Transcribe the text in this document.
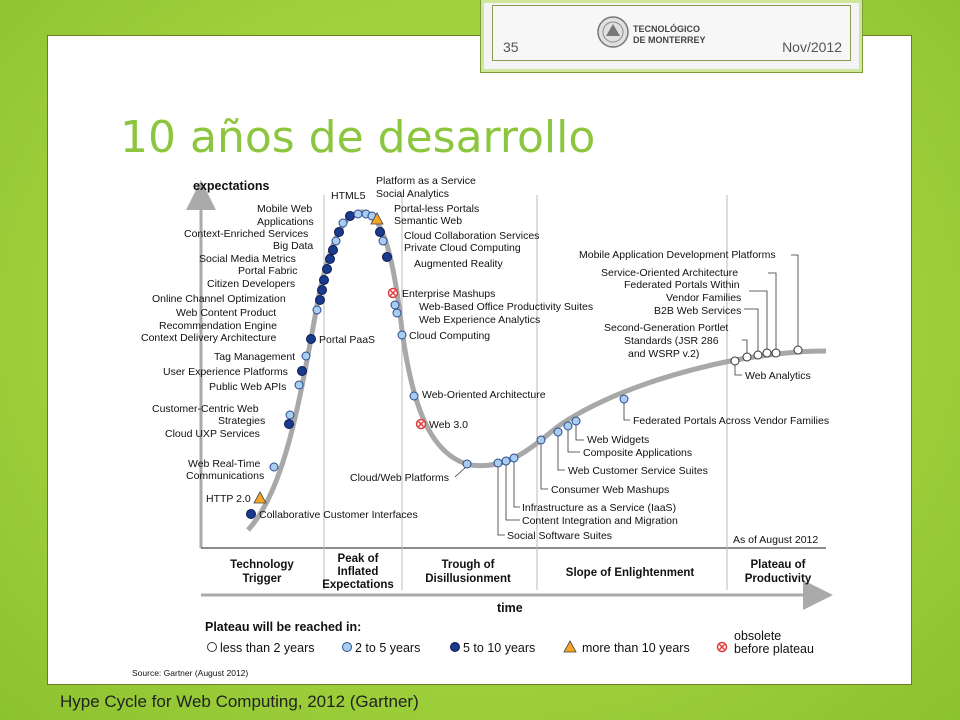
35
TECNOLÓGICO
DE MONTERREY	Nov/2012
10 años de desarrollo
expectations
time
As of August 2012
Technology Trigger
Peak of Inflated Expectations
Trough of Disillusionment	Slope of Enlightenment
Plateau of Productivity
Collaborative Customer Interfaces
HTTP 2.0
Web Real-Time
Communications
Customer-Centric Web
Strategies
Cloud UXP Services
Public Web APIs
User Experience Platforms
Tag Management
Portal PaaS
Context Delivery Architecture
Recommendation Engine
Web Content Product
Online Channel Optimization
Citizen Developers
Portal Fabric
Social Media Metrics
Big Data
Context-Enriched Services
Mobile Web
Applications
HTML5
Platform as a Service
Social Analytics
Portal-less Portals
Semantic Web
Cloud Collaboration Services
Private Cloud Computing
Augmented Reality
Enterprise Mashups
Web-Based Office Productivity Suites
Web Experience Analytics
Cloud Computing
Web-Oriented Architecture
Web 3.0
Cloud/Web Platforms
Social Software Suites
Content Integration and Migration
Infrastructure as a Service (IaaS)
Consumer Web Mashups
Web Customer Service Suites
Composite Applications
Web Widgets
Federated Portals Across Vendor Families
Mobile Application Development Platforms
Service-Oriented Architecture
Federated Portals Within
Vendor Families
B2B Web Services
Second-Generation Portlet
Standards (JSR 286
and WSRP v.2)
Web Analytics
Plateau will be reached in:
less than 2 years	2 to 5 years	5 to 10 years	more than 10 years
obsolete
before plateau
Source: Gartner (August 2012)
Hype Cycle for Web Computing, 2012 (Gartner)
